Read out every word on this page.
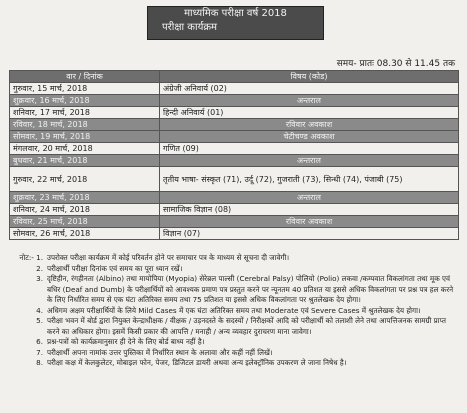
माध्यमिक परीक्षा वर्ष 2018
परीक्षा कार्यक्रम
समय- प्रातः 08.30 से 11.45 तक
वार / दिनांक	विषय (कोड)
गुरुवार, 15 मार्च, 2018	अंग्रेजी अनिवार्य (02)
शुक्रवार, 16 मार्च, 2018	अन्तराल
शनिवार, 17 मार्च, 2018	हिन्दी अनिवार्य (01)
रविवार, 18 मार्च, 2018	रविवार अवकाश
सोमवार, 19 मार्च, 2018	चेटीचण्ड अवकाश
मंगलवार, 20 मार्च, 2018	गणित (09)
बुधवार, 21 मार्च, 2018	अन्तराल
गुरुवार, 22 मार्च, 2018	तृतीय भाषा- संस्कृत (71), उर्दू (72), गुजराती (73), सिन्धी (74), पंजाबी (75)
शुक्रवार, 23 मार्च, 2018	अन्तराल
शनिवार, 24 मार्च, 2018	सामाजिक विज्ञान (08)
रविवार, 25 मार्च, 2018	रविवार अवकाश
सोमवार, 26 मार्च, 2018	विज्ञान (07)
नोट:- 1. उपरोक्त परीक्षा कार्यक्रम में कोई परिवर्तन होने पर समाचार पत्र के माध्यम से सूचना दी जावेगी।
2. परीक्षार्थी परीक्षा दिनांक एवं समय का पूरा ध्यान रखें।
3. दृष्टिहीन, रंगहीनता (Albino) तथा मायोपिया (Myopia) सेरेब्रल पाल्सी (Cerebral Palsy) पोलियो (Polio) लकवा /कम्पवात विकलांगता तथा मूक एवं बधिर (Deaf and Dumb) के परीक्षार्थियों को आवश्यक प्रमाण पत्र प्रस्तुत करने पर न्यूनतम 40 प्रतिशत या इससे अधिक विकलांगता पर प्रश्न पत्र हल करने के लिए निर्धारित समय से एक घंटा अतिरिक्त समय तथा 75 प्रतिशत या इससे अधिक विकलांगता पर श्रुतलेखक देय होगा।
4. अधिगम अक्षम परीक्षार्थियों के लिये Mild Cases में एक घंटा अतिरिक्त समय तथा Moderate एवं Severe Cases में श्रुतलेखक देय होगा।
5. परीक्षा भवन में बोर्ड द्वारा नियुक्त केन्द्राधीक्षक / वीक्षक / उड़नदस्ते के सदस्यों / निरीक्षकों आदि को परीक्षार्थी को तलाशी लेने तथा आपत्तिजनक सामग्री प्राप्त करने का अधिकार होगा। इसमें किसी प्रकार की आपत्ति / मनाही / अन्य व्यवहार दुराचरण माना जावेगा।
6. प्रश्न-पत्रों को कार्यक्रमानुसार ही देने के लिए बोर्ड बाध्य नहीं है।
7. परीक्षार्थी अपना नामांक उत्तर पुस्तिका में निर्धारित स्थान के अलावा और कहीं नहीं लिखें।
8. परीक्षा कक्ष में केलकुलेटर, मोबाइल फोन, पेजर, डिजिटल डायरी अथवा अन्य इलेक्ट्रॉनिक उपकरण ले जाना निषेध है।
